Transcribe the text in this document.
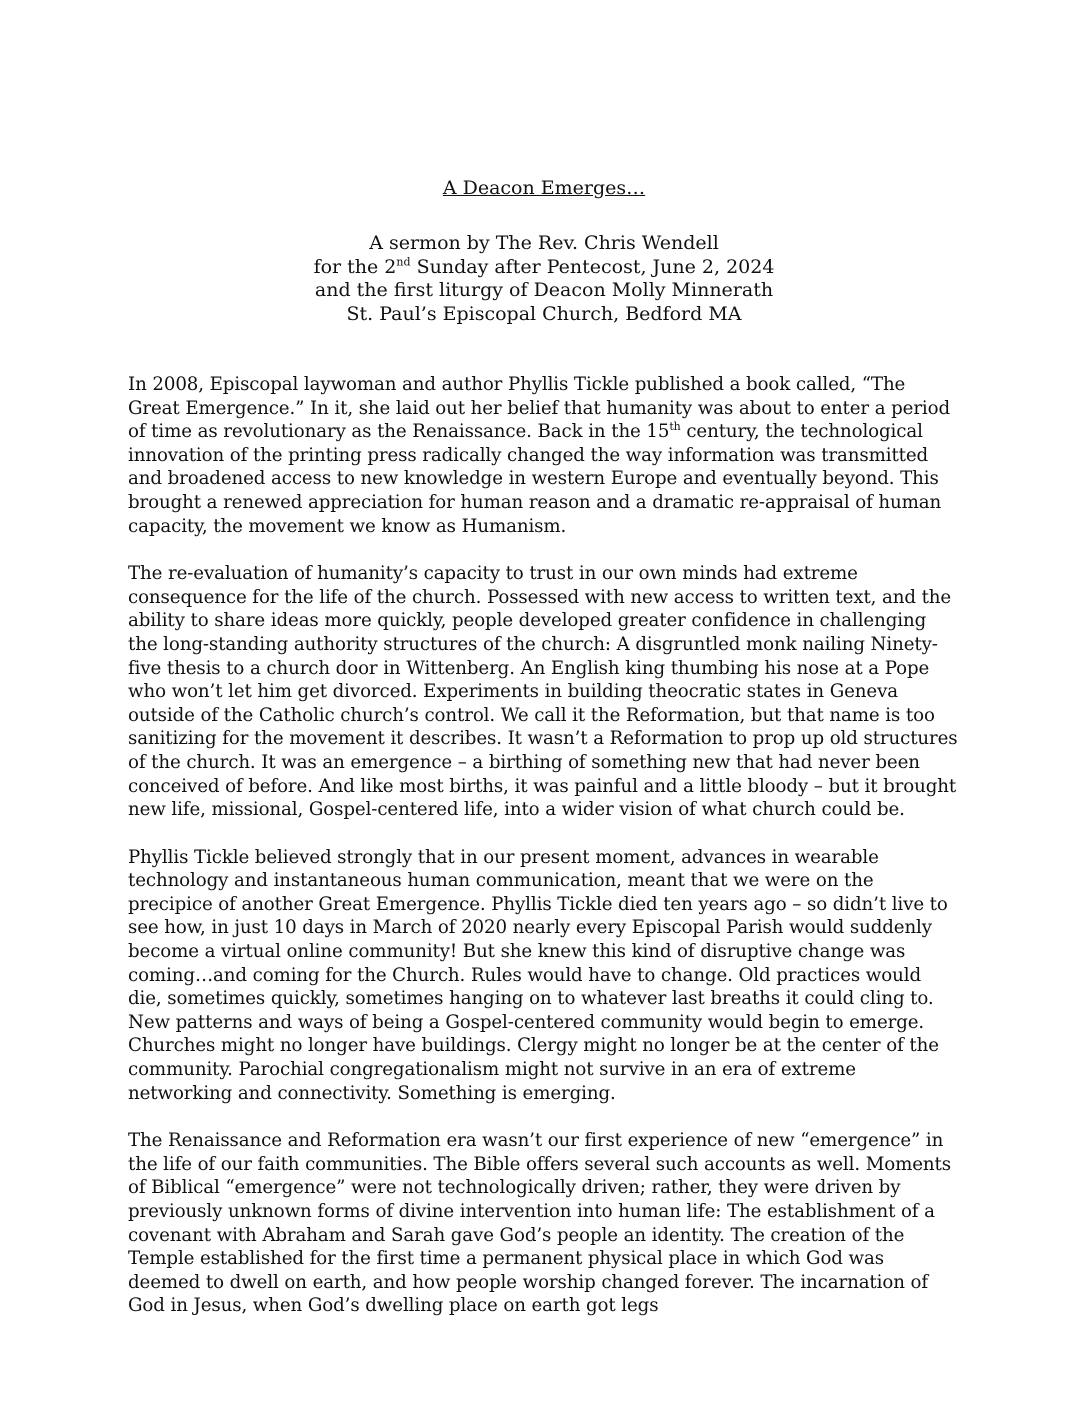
A Deacon Emerges…
A sermon by The Rev. Chris Wendell
for the 2nd Sunday after Pentecost, June 2, 2024
and the first liturgy of Deacon Molly Minnerath
St. Paul’s Episcopal Church, Bedford MA

In 2008, Episcopal laywoman and author Phyllis Tickle published a book called, “The Great Emergence.” In it, she laid out her belief that humanity was about to enter a period of time as revolutionary as the Renaissance. Back in the 15th century, the technological innovation of the printing press radically changed the way information was transmitted and broadened access to new knowledge in western Europe and eventually beyond. This brought a renewed appreciation for human reason and a dramatic re-appraisal of human capacity, the movement we know as Humanism.

The re-evaluation of humanity’s capacity to trust in our own minds had extreme consequence for the life of the church. Possessed with new access to written text, and the ability to share ideas more quickly, people developed greater confidence in challenging the long-standing authority structures of the church: A disgruntled monk nailing Ninety-five thesis to a church door in Wittenberg. An English king thumbing his nose at a Pope who won’t let him get divorced. Experiments in building theocratic states in Geneva outside of the Catholic church’s control. We call it the Reformation, but that name is too sanitizing for the movement it describes. It wasn’t a Reformation to prop up old structures of the church. It was an emergence – a birthing of something new that had never been conceived of before. And like most births, it was painful and a little bloody – but it brought new life, missional, Gospel-centered life, into a wider vision of what church could be.

Phyllis Tickle believed strongly that in our present moment, advances in wearable technology and instantaneous human communication, meant that we were on the precipice of another Great Emergence. Phyllis Tickle died ten years ago – so didn’t live to see how, in just 10 days in March of 2020 nearly every Episcopal Parish would suddenly become a virtual online community! But she knew this kind of disruptive change was coming…and coming for the Church. Rules would have to change. Old practices would die, sometimes quickly, sometimes hanging on to whatever last breaths it could cling to. New patterns and ways of being a Gospel-centered community would begin to emerge. Churches might no longer have buildings. Clergy might no longer be at the center of the community. Parochial congregationalism might not survive in an era of extreme networking and connectivity. Something is emerging.

The Renaissance and Reformation era wasn’t our first experience of new “emergence” in the life of our faith communities. The Bible offers several such accounts as well. Moments of Biblical “emergence” were not technologically driven; rather, they were driven by previously unknown forms of divine intervention into human life: The establishment of a covenant with Abraham and Sarah gave God’s people an identity. The creation of the Temple established for the first time a permanent physical place in which God was deemed to dwell on earth, and how people worship changed forever. The incarnation of God in Jesus, when God’s dwelling place on earth got legs
